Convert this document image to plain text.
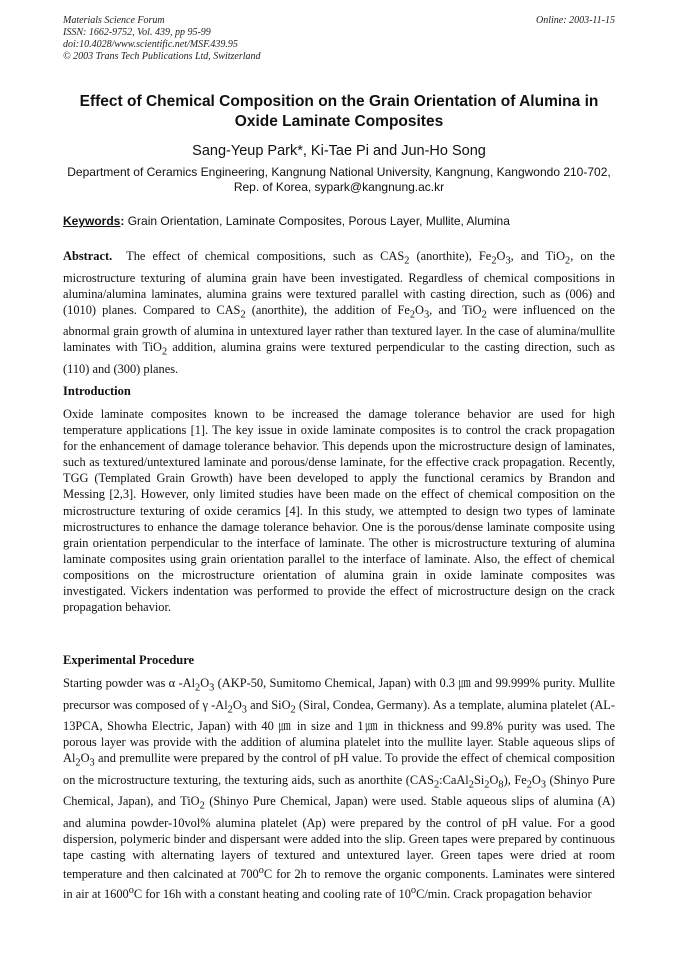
Materials Science Forum
ISSN: 1662-9752, Vol. 439, pp 95-99
doi:10.4028/www.scientific.net/MSF.439.95
© 2003 Trans Tech Publications Ltd, Switzerland
Online: 2003-11-15
Effect of Chemical Composition on the Grain Orientation of Alumina in Oxide Laminate Composites
Sang-Yeup Park*, Ki-Tae Pi and Jun-Ho Song
Department of Ceramics Engineering, Kangnung National University, Kangnung, Kangwondo 210-702, Rep. of Korea, sypark@kangnung.ac.kr
Keywords: Grain Orientation, Laminate Composites, Porous Layer, Mullite, Alumina

Abstract. The effect of chemical compositions, such as $CAS_2$ (anorthite), $Fe_2O_3$, and TiO$_2$, on the microstructure texturing of alumina grain have been investigated. Regardless of chemical compositions in alumina/alumina laminates, alumina grains were textured parallel with casting direction, such as (006) and (1010) planes. Compared to $CAS_2$ (anorthite), the addition of $Fe_2O_3$, and TiO$_2$ were influenced on the abnormal grain growth of alumina in untextured layer rather than textured layer. In the case of alumina/mullite laminates with TiO$_2$ addition, alumina grains were textured perpendicular to the casting direction, such as (110) and (300) planes.

Introduction
Oxide laminate composites known to be increased the damage tolerance behavior are used for high temperature applications [1]. The key issue in oxide laminate composites is to control the crack propagation for the enhancement of damage tolerance behavior. This depends upon the microstructure design of laminates, such as textured/untextured laminate and porous/dense laminate, for the effective crack propagation. Recently, TGG (Templated Grain Growth) have been developed to apply the functional ceramics by Brandon and Messing [2,3]. However, only limited studies have been made on the effect of chemical composition on the microstructure texturing of oxide ceramics [4]. In this study, we attempted to design two types of laminate microstructures to enhance the damage tolerance behavior. One is the porous/dense laminate composite using grain orientation perpendicular to the interface of laminate. The other is microstructure texturing of alumina laminate composites using grain orientation parallel to the interface of laminate. Also, the effect of chemical compositions on the microstructure orientation of alumina grain in oxide laminate composites was investigated. Vickers indentation was performed to provide the effect of microstructure design on the crack propagation behavior.
Experimental Procedure
Starting powder was α $-Al_2O_3$ (AKP-50, Sumitomo Chemical, Japan) with 0.3 ㎛ and 99.999% purity. Mullite precursor was composed of γ $-Al_2O_3$ and SiO$_2$ (Siral, Condea, Germany). As a template, alumina platelet (AL-13PCA, Showha Electric, Japan) with 40 ㎛ in size and 1㎛ in thickness and 99.8% purity was used. The porous layer was provide with the addition of alumina platelet into the mullite layer. Stable aqueous slips of $Al_2O_3$ and premullite were prepared by the control of pH value. To provide the effect of chemical composition on the microstructure texturing, the texturing aids, such as anorthite $(CAS_2:CaAl_2Si_2O_8)$, $Fe_2O_3$ (Shinyo Pure Chemical, Japan), and TiO$_2$ (Shinyo Pure Chemical, Japan) were used. Stable aqueous slips of alumina (A) and alumina powder-10vol% alumina platelet (Ap) were prepared by the control of pH value. For a good dispersion, polymeric binder and dispersant were added into the slip. Green tapes were prepared by continuous tape casting with alternating layers of textured and untextured layer. Green tapes were dried at room temperature and then calcinated at 700$^o$C for 2h to remove the organic components. Laminates were sintered in air at 1600$^o$C for 16h with a constant heating and cooling rate of 10$^o$C/min. Crack propagation behavior
